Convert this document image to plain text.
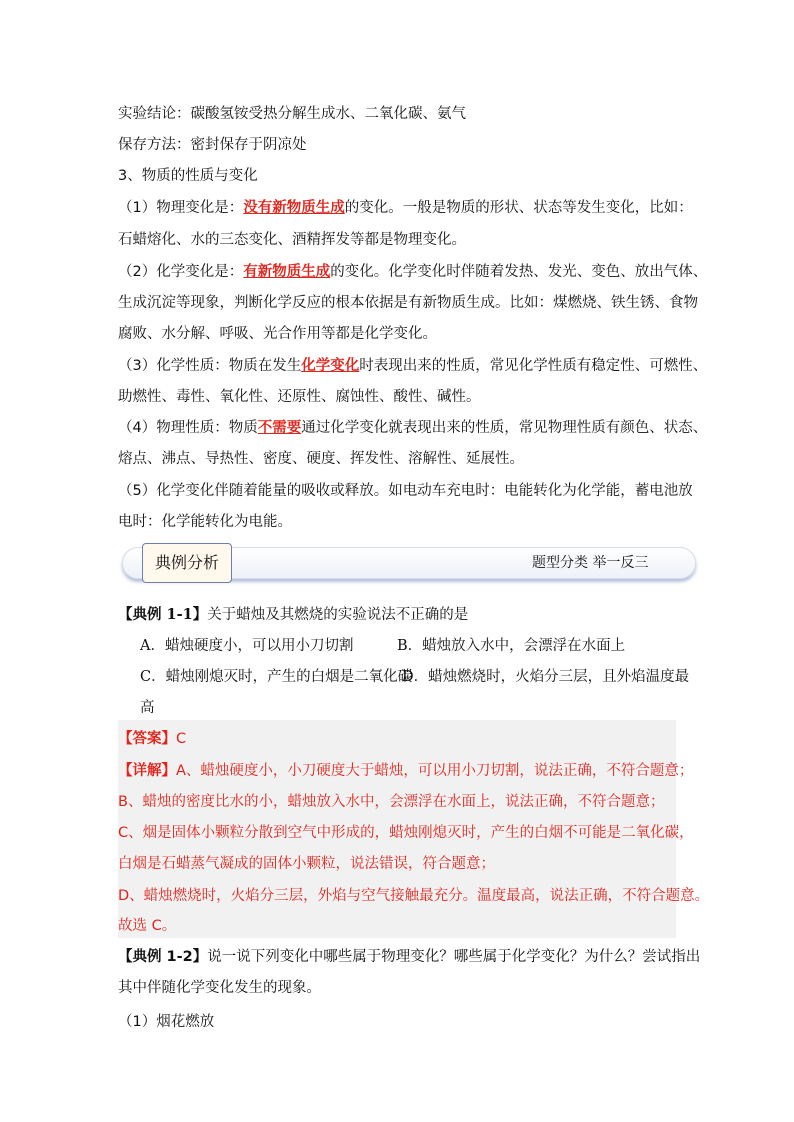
实验结论：碳酸氢铵受热分解生成水、二氧化碳、氨气
保存方法：密封保存于阴凉处
3、物质的性质与变化
（1）物理变化是：没有新物质生成的变化。一般是物质的形状、状态等发生变化，比如：
石蜡熔化、水的三态变化、酒精挥发等都是物理变化。
（2）化学变化是：有新物质生成的变化。化学变化时伴随着发热、发光、变色、放出气体、
生成沉淀等现象，判断化学反应的根本依据是有新物质生成。比如：煤燃烧、铁生锈、食物
腐败、水分解、呼吸、光合作用等都是化学变化。
（3）化学性质：物质在发生化学变化时表现出来的性质，常见化学性质有稳定性、可燃性、
助燃性、毒性、氧化性、还原性、腐蚀性、酸性、碱性。
（4）物理性质：物质不需要通过化学变化就表现出来的性质，常见物理性质有颜色、状态、
熔点、沸点、导热性、密度、硬度、挥发性、溶解性、延展性。
（5）化学变化伴随着能量的吸收或释放。如电动车充电时：电能转化为化学能，蓄电池放
电时：化学能转化为电能。
典例分析	题型分类 举一反三
【典例 1-1】关于蜡烛及其燃烧的实验说法不正确的是
A．蜡烛硬度小，可以用小刀切割	B．蜡烛放入水中，会漂浮在水面上
C．蜡烛刚熄灭时，产生的白烟是二氧化碳
D．蜡烛燃烧时，火焰分三层，且外焰温度最
高
【答案】C
【详解】A、蜡烛硬度小，小刀硬度大于蜡烛，可以用小刀切割，说法正确，不符合题意；
B、蜡烛的密度比水的小，蜡烛放入水中，会漂浮在水面上，说法正确，不符合题意；
C、烟是固体小颗粒分散到空气中形成的，蜡烛刚熄灭时，产生的白烟不可能是二氧化碳，
白烟是石蜡蒸气凝成的固体小颗粒，说法错误，符合题意；
D、蜡烛燃烧时，火焰分三层，外焰与空气接触最充分。温度最高，说法正确，不符合题意。
故选 C。
【典例 1-2】说一说下列变化中哪些属于物理变化？哪些属于化学变化？为什么？尝试指出
其中伴随化学变化发生的现象。
（1）烟花燃放
